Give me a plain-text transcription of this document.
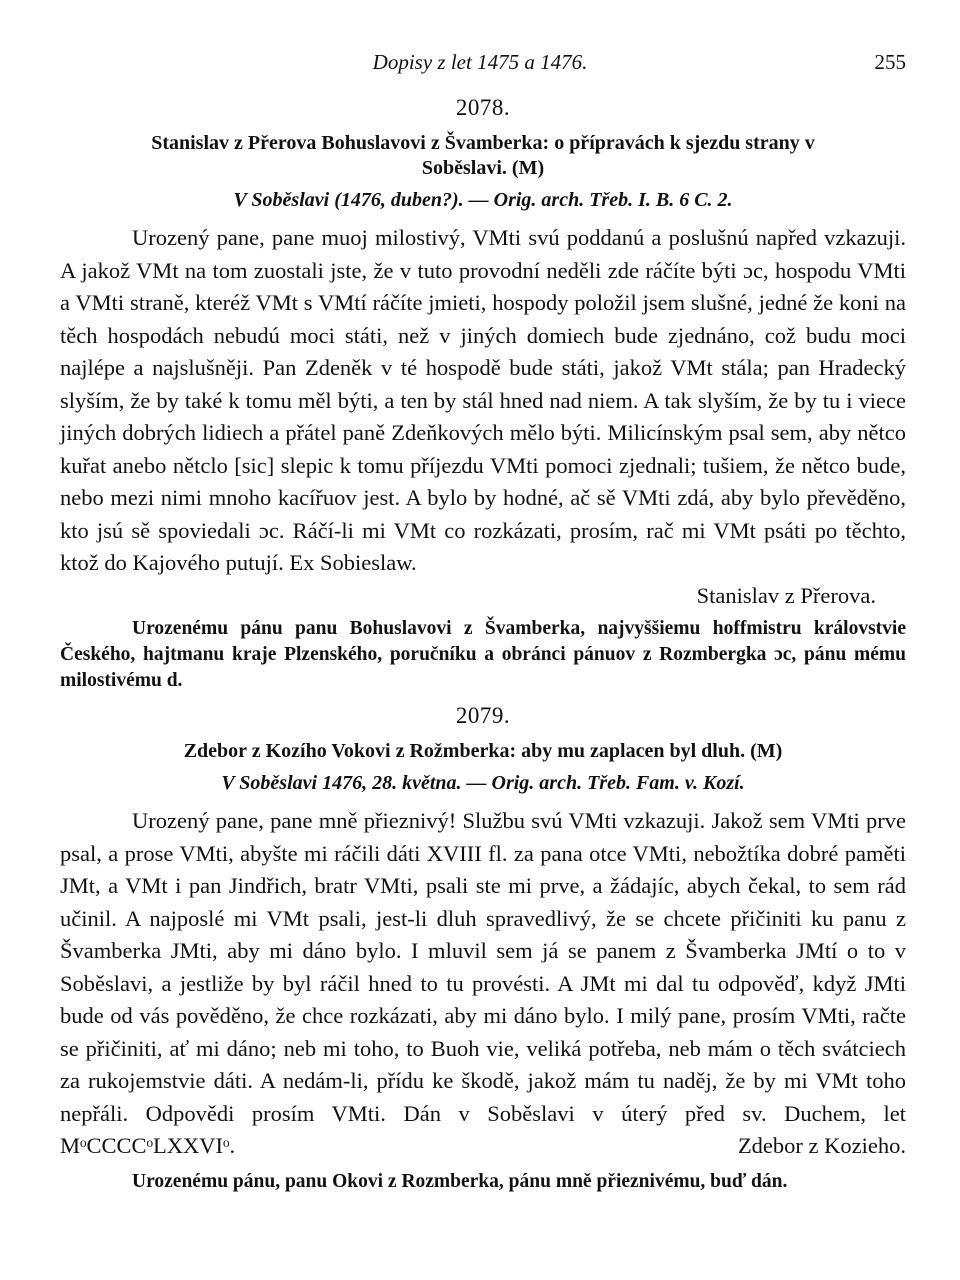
Dopisy z let 1475 a 1476.	255
2078.
Stanislav z Přerova Bohuslavovi z Švamberka: o přípravách k sjezdu strany v Soběslavi. (M)
V Soběslavi (1476, duben?). — Orig. arch. Třeb. I. B. 6 C. 2.

Urozený pane, pane muoj milostivý, VMti svú poddanú a poslušnú napřed vzkazuji. A jakož VMt na tom zuostali jste, že v tuto provodní neděli zde ráčíte býti ɔc, hospodu VMti a VMti straně, kteréž VMt s VMtí ráčíte jmieti, hospody položil jsem slušné, jedné že koni na těch hospodách nebudú moci státi, než v jiných domiech bude zjednáno, což budu moci najlépe a najslušněji. Pan Zdeněk v té hospodě bude státi, jakož VMt stála; pan Hradecký slyším, že by také k tomu měl býti, a ten by stál hned nad niem. A tak slyším, že by tu i viece jiných dobrých lidiech a přátel paně Zdeňkových mělo býti. Milicínským psal sem, aby nětco kuřat anebo nětclo [sic] slepic k tomu příjezdu VMti pomoci zjednali; tušiem, že nětco bude, nebo mezi nimi mnoho kacířuov jest. A bylo by hodné, ač sě VMti zdá, aby bylo převěděno, kto jsú sě spoviedali ɔc. Ráčí-li mi VMt co rozkázati, prosím, rač mi VMt psáti po těchto, ktož do Kajového putují. Ex Sobieslaw.

Stanislav z Přerova.

Urozenému pánu panu Bohuslavovi z Švamberka, najvyššiemu hoffmistru královstvie Českého, hajtmanu kraje Plzenského, poručníku a obránci pánuov z Rozmbergka ɔc, pánu mému milostivému d.

2079.
Zdebor z Kozího Vokovi z Rožmberka: aby mu zaplacen byl dluh. (M)
V Soběslavi 1476, 28. května. — Orig. arch. Třeb. Fam. v. Kozí.

Urozený pane, pane mně přieznivý! Službu svú VMti vzkazuji. Jakož sem VMti prve psal, a prose VMti, abyšte mi ráčili dáti XVIII fl. za pana otce VMti, nebožtíka dobré paměti JMt, a VMt i pan Jindřich, bratr VMti, psali ste mi prve, a žádajíc, abych čekal, to sem rád učinil. A najposlé mi VMt psali, jest-li dluh spravedlivý, že se chcete přičiniti ku panu z Švamberka JMti, aby mi dáno bylo. I mluvil sem já se panem z Švamberka JMtí o to v Soběslavi, a jestliže by byl ráčil hned to tu provésti. A JMt mi dal tu odpověď, když JMti bude od vás pověděno, že chce rozkázati, aby mi dáno bylo. I milý pane, prosím VMti, račte se přičiniti, ať mi dáno; neb mi toho, to Buoh vie, veliká potřeba, neb mám o těch svátciech za rukojemstvie dáti. A nedám-li, přídu ke škodě, jakož mám tu naděj, že by mi VMt toho nepřáli. Odpovědi prosím VMti. Dán v Soběslavi v úterý před sv. Duchem, let MᵒCCCCᵒLXXVIᵒ.	Zdebor z Kozieho.

Urozenému pánu, panu Okovi z Rozmberka, pánu mně přieznivému, buď dán.
